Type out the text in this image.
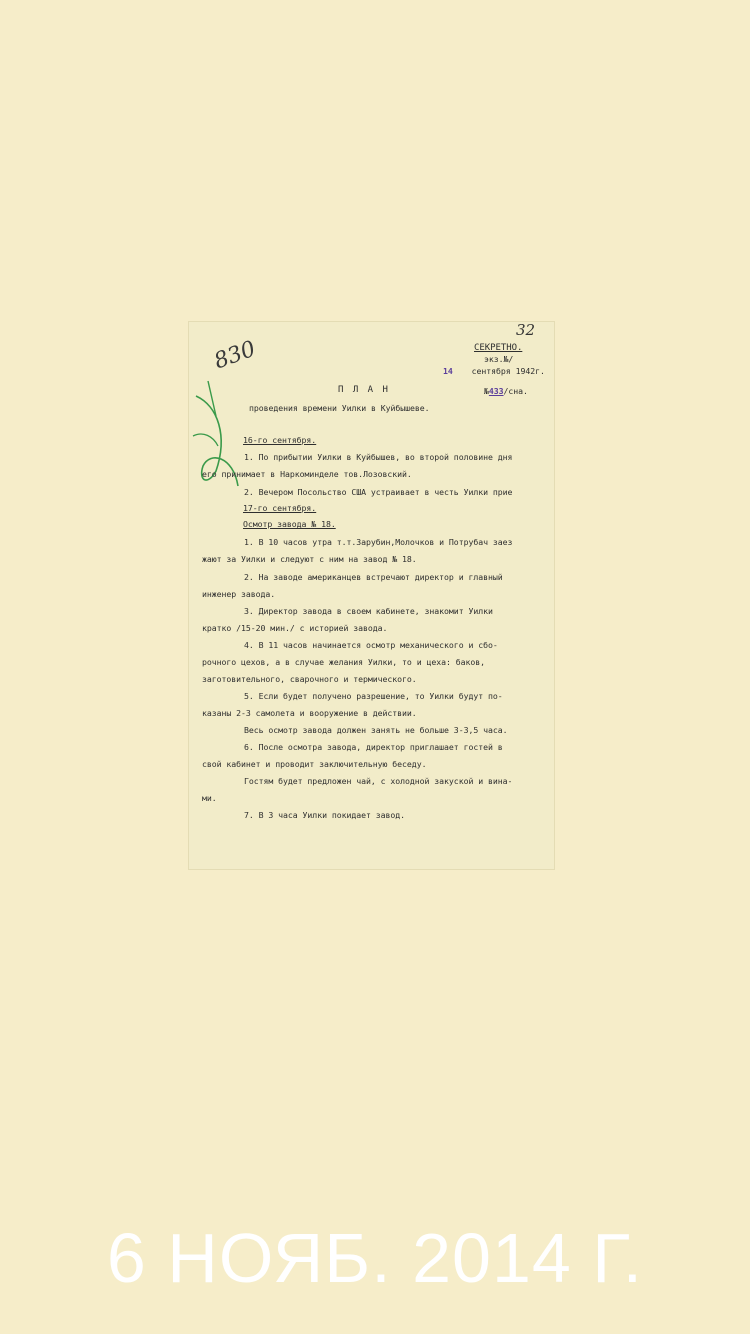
32
830	СЕКРЕТНО.
экз.№/
14 сентября 1942г.
№433/сна.
П Л А Н
проведения времени Уилки в Куйбышеве.
16-го сентября.
1. По прибытии Уилки в Куйбышев, во второй половине дня
его принимает в Наркоминделе тов.Лозовский.
2. Вечером Посольство США устраивает в честь Уилки прие
17-го сентября.
Осмотр завода № 18.
1. В 10 часов утра т.т.Зарубин,Молочков и Потрубач заез
жают за Уилки и следуют с ним на завод № 18.
2. На заводе американцев встречают директор и главный
инженер завода.
3. Директор завода в своем кабинете, знакомит Уилки
кратко /15-20 мин./ с историей завода.
4. В 11 часов начинается осмотр механического и сбо-
рочного цехов, а в случае желания Уилки, то и цеха: баков,
заготовительного, сварочного и термического.
5. Если будет получено разрешение, то Уилки будут по-
казаны 2-3 самолета и вооружение в действии.
Весь осмотр завода должен занять не больше 3-3,5 часа.
6. После осмотра завода, директор приглашает гостей в
свой кабинет и проводит заключительную беседу.
Гостям будет предложен чай, с холодной закуской и вина-
ми.
7. В 3 часа Уилки покидает завод.
6 НОЯБ. 2014 Г.
